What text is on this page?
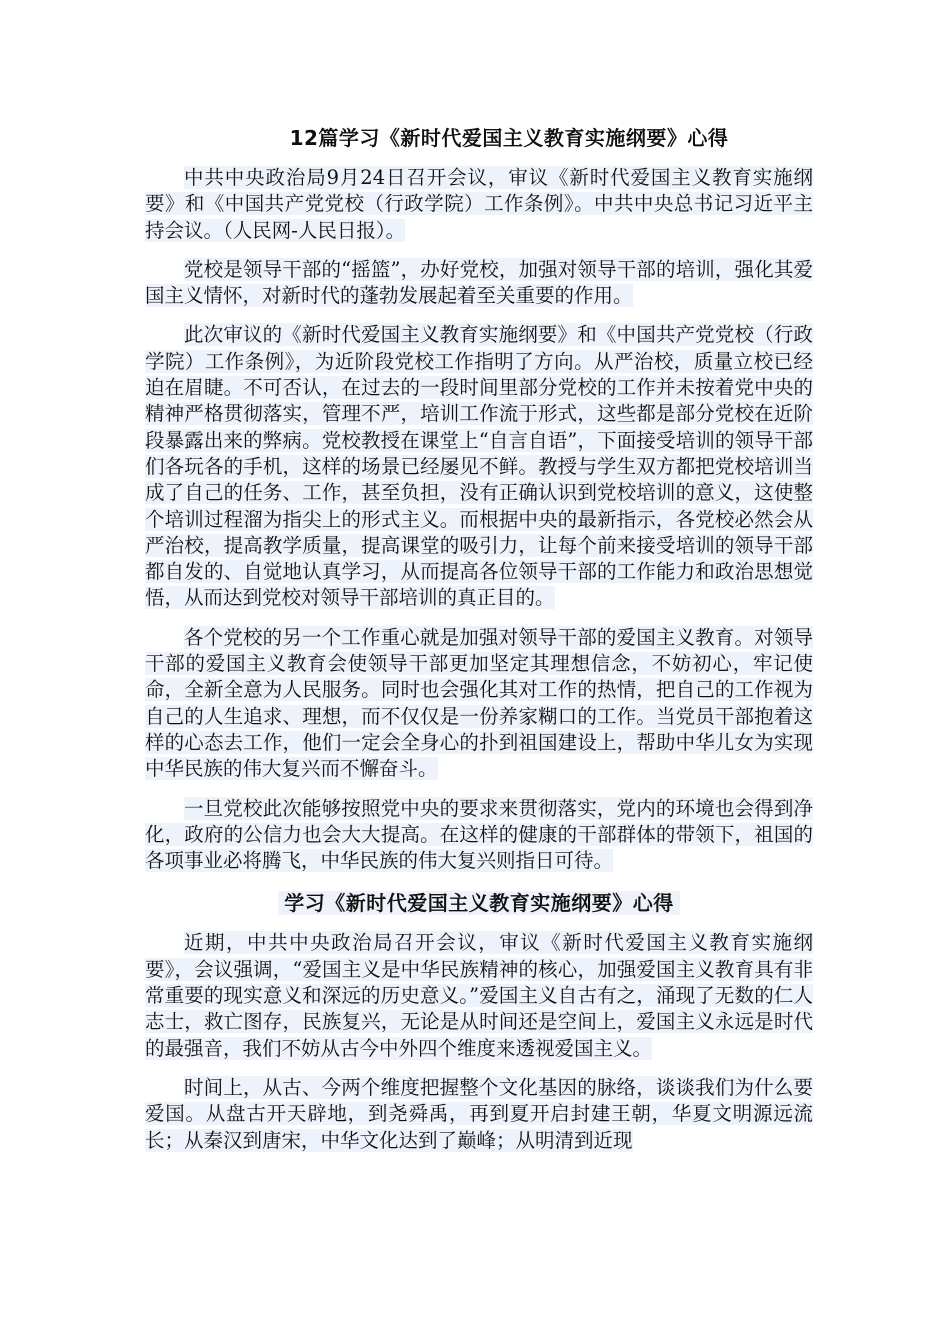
12篇学习《新时代爱国主义教育实施纲要》心得

中共中央政治局9月24日召开会议，审议《新时代爱国主义教育实施纲要》和《中国共产党党校（行政学院）工作条例》。中共中央总书记习近平主持会议。（人民网-人民日报）。

党校是领导干部的“摇篮”，办好党校，加强对领导干部的培训，强化其爱国主义情怀，对新时代的蓬勃发展起着至关重要的作用。

此次审议的《新时代爱国主义教育实施纲要》和《中国共产党党校（行政学院）工作条例》，为近阶段党校工作指明了方向。从严治校，质量立校已经迫在眉睫。不可否认，在过去的一段时间里部分党校的工作并未按着党中央的精神严格贯彻落实，管理不严，培训工作流于形式，这些都是部分党校在近阶段暴露出来的弊病。党校教授在课堂上“自言自语”，下面接受培训的领导干部们各玩各的手机，这样的场景已经屡见不鲜。教授与学生双方都把党校培训当成了自己的任务、工作，甚至负担，没有正确认识到党校培训的意义，这使整个培训过程溜为指尖上的形式主义。而根据中央的最新指示，各党校必然会从严治校，提高教学质量，提高课堂的吸引力，让每个前来接受培训的领导干部都自发的、自觉地认真学习，从而提高各位领导干部的工作能力和政治思想觉悟，从而达到党校对领导干部培训的真正目的。

各个党校的另一个工作重心就是加强对领导干部的爱国主义教育。对领导干部的爱国主义教育会使领导干部更加坚定其理想信念，不妨初心，牢记使命，全新全意为人民服务。同时也会强化其对工作的热情，把自己的工作视为自己的人生追求、理想，而不仅仅是一份养家糊口的工作。当党员干部抱着这样的心态去工作，他们一定会全身心的扑到祖国建设上，帮助中华儿女为实现中华民族的伟大复兴而不懈奋斗。

一旦党校此次能够按照党中央的要求来贯彻落实，党内的环境也会得到净化，政府的公信力也会大大提高。在这样的健康的干部群体的带领下，祖国的各项事业必将腾飞，中华民族的伟大复兴则指日可待。

学习《新时代爱国主义教育实施纲要》心得

近期，中共中央政治局召开会议，审议《新时代爱国主义教育实施纲要》，会议强调，“爱国主义是中华民族精神的核心，加强爱国主义教育具有非常重要的现实意义和深远的历史意义。”爱国主义自古有之，涌现了无数的仁人志士，救亡图存，民族复兴，无论是从时间还是空间上，爱国主义永远是时代的最强音，我们不妨从古今中外四个维度来透视爱国主义。

时间上，从古、今两个维度把握整个文化基因的脉络，谈谈我们为什么要爱国。从盘古开天辟地，到尧舜禹，再到夏开启封建王朝，华夏文明源远流长；从秦汉到唐宋，中华文化达到了巅峰；从明清到近现
